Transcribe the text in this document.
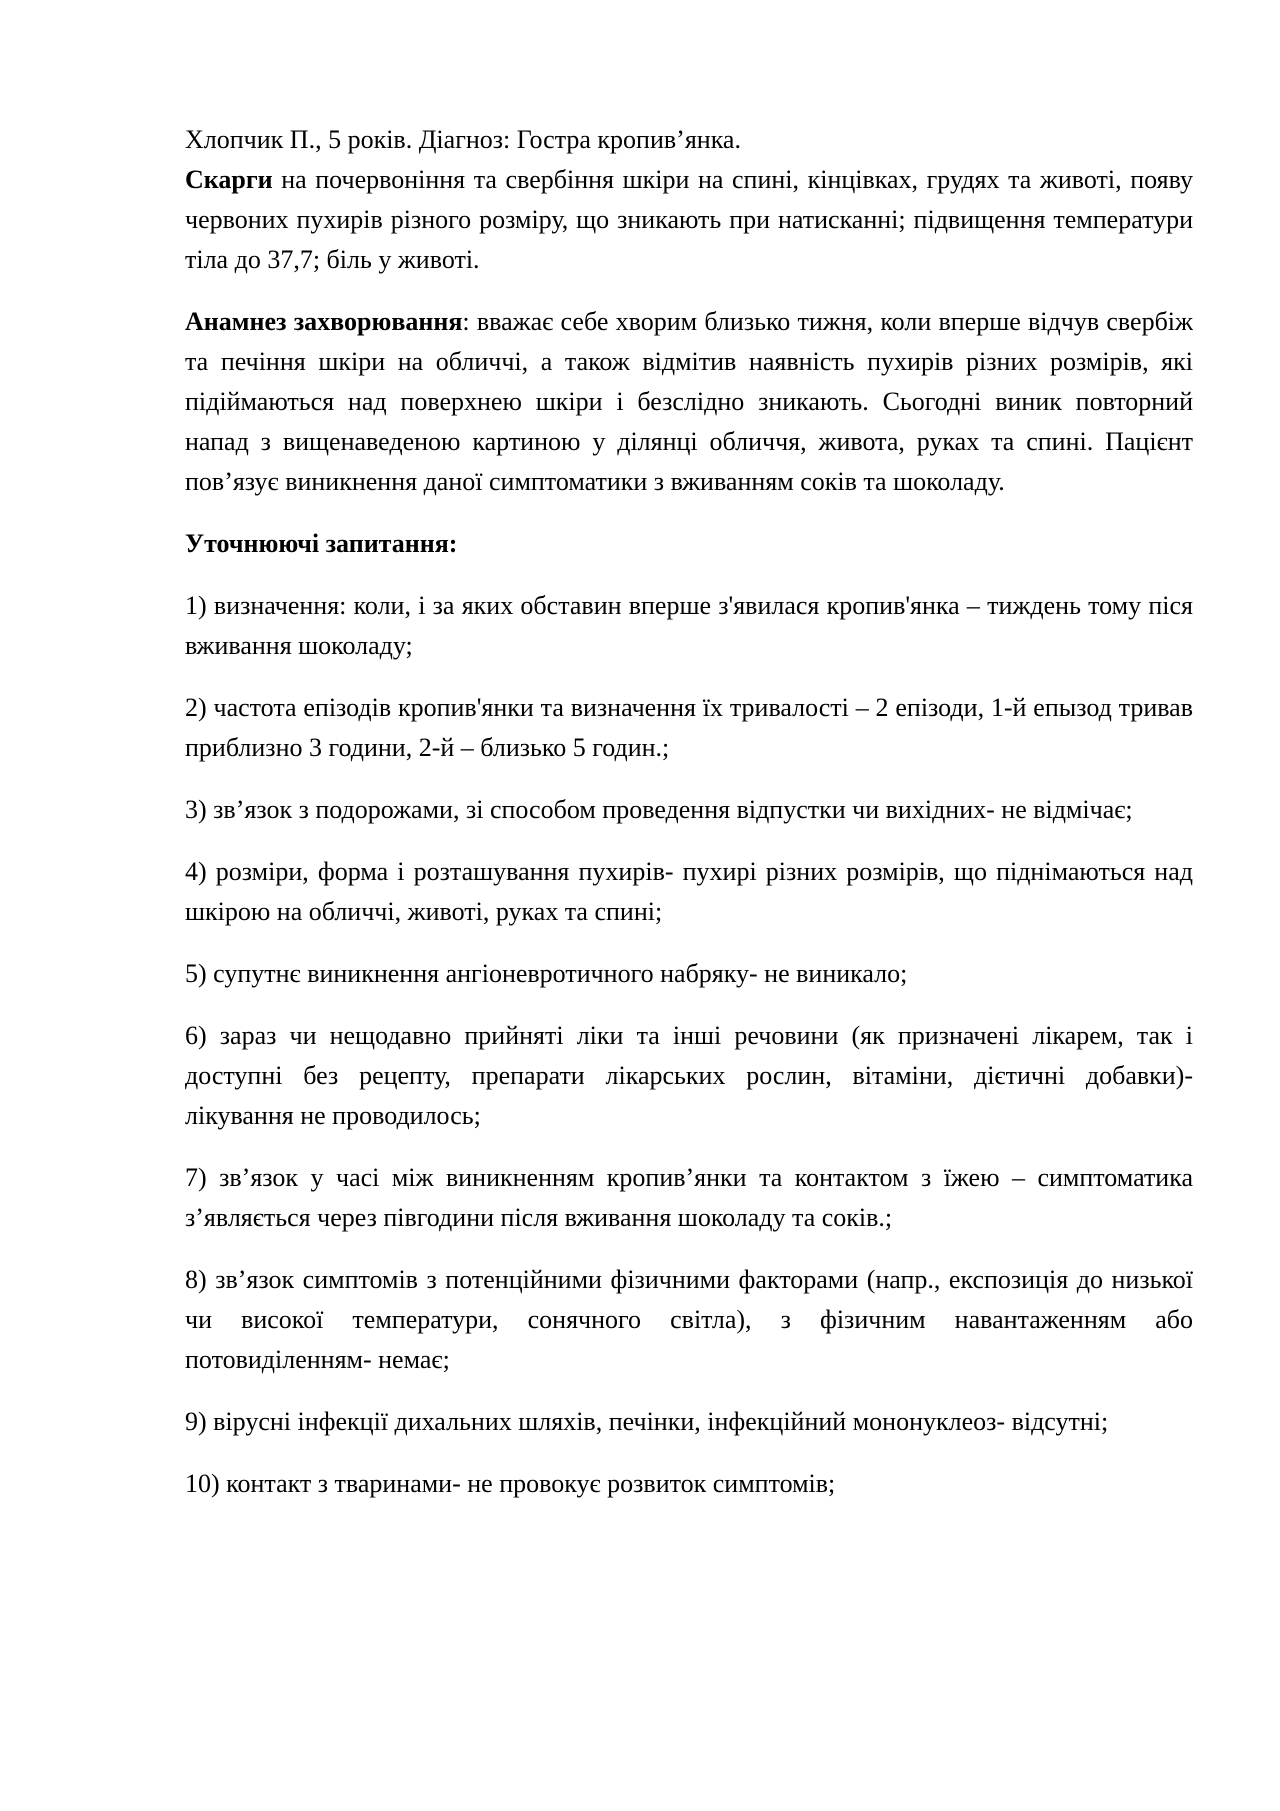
Хлопчик П., 5 років. Діагноз: Гостра кропив’янка.

Скарги на почервоніння та свербіння шкіри на спині, кінцівках, грудях та животі, появу червоних пухирів різного розміру, що зникають при натисканні; підвищення температури тіла до 37,7; біль у животі.

Анамнез захворювання: вважає себе хворим близько тижня, коли вперше відчув свербіж та печіння шкіри на обличчі, а також відмітив наявність пухирів різних розмірів, які підіймаються над поверхнею шкіри і безслідно зникають. Сьогодні виник повторний напад з вищенаведеною картиною у ділянці обличчя, живота, руках та спині. Пацієнт пов’язує виникнення даної симптоматики з вживанням соків та шоколаду.

Уточнюючі запитання:

1) визначення: коли, і за яких обставин вперше з'явилася кропив'янка – тиждень тому піся вживання шоколаду;

2) частота епізодів кропив'янки та визначення їх тривалості – 2 епізоди, 1-й епызод тривав приблизно 3 години, 2-й – близько 5 годин.;

3) зв’язок з подорожами, зі способом проведення відпустки чи вихідних- не відмічає;

4) розміри, форма і розташування пухирів- пухирі різних розмірів, що піднімаються над шкірою на обличчі, животі, руках та спині;

5) супутнє виникнення ангіоневротичного набряку- не виникало;

6) зараз чи нещодавно прийняті ліки та інші речовини (як призначені лікарем, так і доступні без рецепту, препарати лікарських рослин, вітаміни, дієтичні добавки)- лікування не проводилось;

7) зв’язок у часі між виникненням кропив’янки та контактом з їжею – симптоматика з’являється через півгодини після вживання шоколаду та соків.;

8) зв’язок симптомів з потенційними фізичними факторами (напр., експозиція до низької чи високої температури, сонячного світла), з фізичним навантаженням або потовиділенням- немає;

9) вірусні інфекції дихальних шляхів, печінки, інфекційний мононуклеоз- відсутні;

10) контакт з тваринами- не провокує розвиток симптомів;
